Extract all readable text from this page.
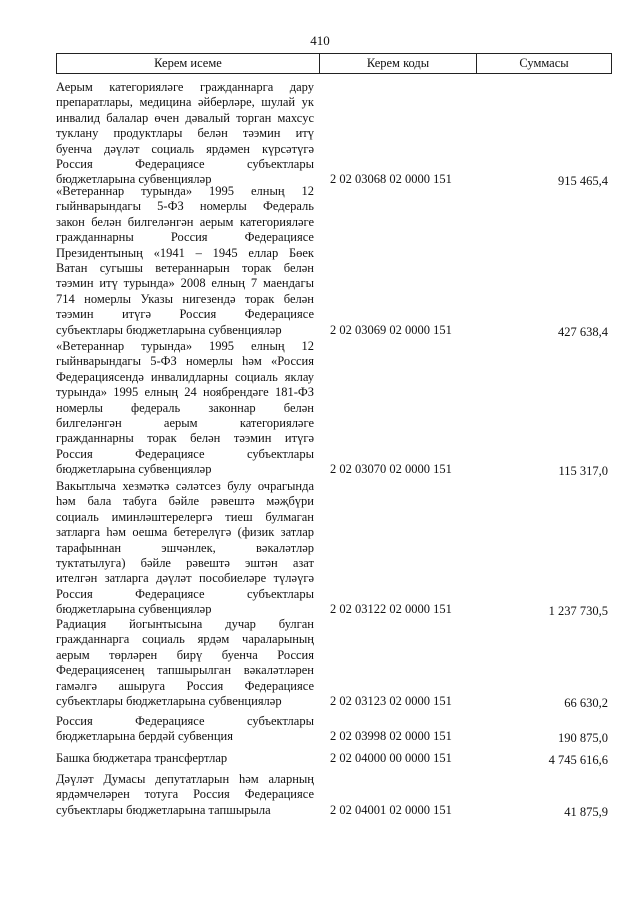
410
Керем исеме	Керем коды	Суммасы
Аерым категорияләге гражданнарга дару
препаратлары, медицина әйберләре, шулай ук
инвалид балалар өчен дәвалый торган махсус
туклану продуктлары белән тәэмин итү
буенча дәүләт социаль ярдәмен күрсәтүгә
Россия Федерациясе субъектлары
бюджетларына субвенцияләр	2 02 03068 02 0000 151	915 465,4
«Ветераннар турында» 1995 елның 12
гыйнварындагы 5-ФЗ номерлы Федераль
закон белән билгеләнгән аерым категорияләге
гражданнарны Россия Федерациясе
Президентының «1941 – 1945 еллар Бөек
Ватан сугышы ветераннарын торак белән
тәэмин итү турында» 2008 елның 7 маендагы
714 номерлы Указы нигезендә торак белән
тәэмин итүгә Россия Федерациясе
субъектлары бюджетларына субвенцияләр	2 02 03069 02 0000 151	427 638,4
«Ветераннар турында» 1995 елның 12
гыйнварындагы 5-ФЗ номерлы һәм «Россия
Федерациясендә инвалидларны социаль яклау
турында» 1995 елның 24 ноябрендәге 181-ФЗ
номерлы федераль законнар белән
билгеләнгән аерым категорияләге
гражданнарны торак белән тәэмин итүгә
Россия Федерациясе субъектлары
бюджетларына субвенцияләр	2 02 03070 02 0000 151	115 317,0
Вакытлыча хезмәткә сәләтсез булу очрагында
һәм бала табуга бәйле рәвештә мәҗбүри
социаль иминләштерелергә тиеш булмаган
затларга һәм оешма бетерелүгә (физик затлар
тарафыннан эшчәнлек, вәкаләтләр
туктатылуга) бәйле рәвештә эштән азат
ителгән затларга дәүләт пособиеләре түләүгә
Россия Федерациясе субъектлары
бюджетларына субвенцияләр	2 02 03122 02 0000 151	1 237 730,5
Радиация йогынтысына дучар булган
гражданнарга социаль ярдәм чараларының
аерым төрләрен бирү буенча Россия
Федерациясенең тапшырылган вәкаләтләрен
гамәлгә ашыруга Россия Федерациясе
субъектлары бюджетларына субвенцияләр	2 02 03123 02 0000 151	66 630,2
Россия Федерациясе субъектлары
бюджетларына бердәй субвенция	2 02 03998 02 0000 151	190 875,0
Башка бюджетара трансфертлар	2 02 04000 00 0000 151	4 745 616,6
Дәүләт Думасы депутатларын һәм аларның
ярдәмчеләрен тотуга Россия Федерациясе
субъектлары бюджетларына тапшырыла	2 02 04001 02 0000 151	41 875,9
